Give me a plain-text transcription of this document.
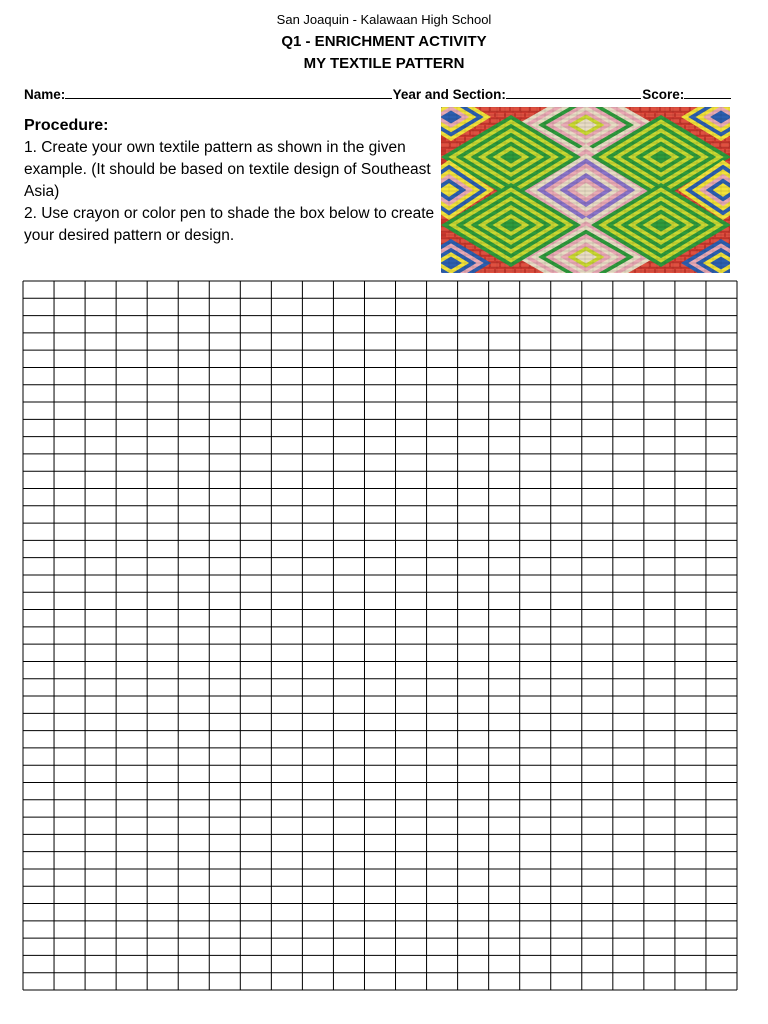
San Joaquin - Kalawaan High School
Q1 - ENRICHMENT ACTIVITY
MY TEXTILE PATTERN
Name:	Year and Section:	Score:
Procedure:
1. Create your own textile pattern as shown in the given example. (It should be based on textile design of Southeast Asia)
2. Use crayon or color pen to shade the box below to create your desired pattern or design.
